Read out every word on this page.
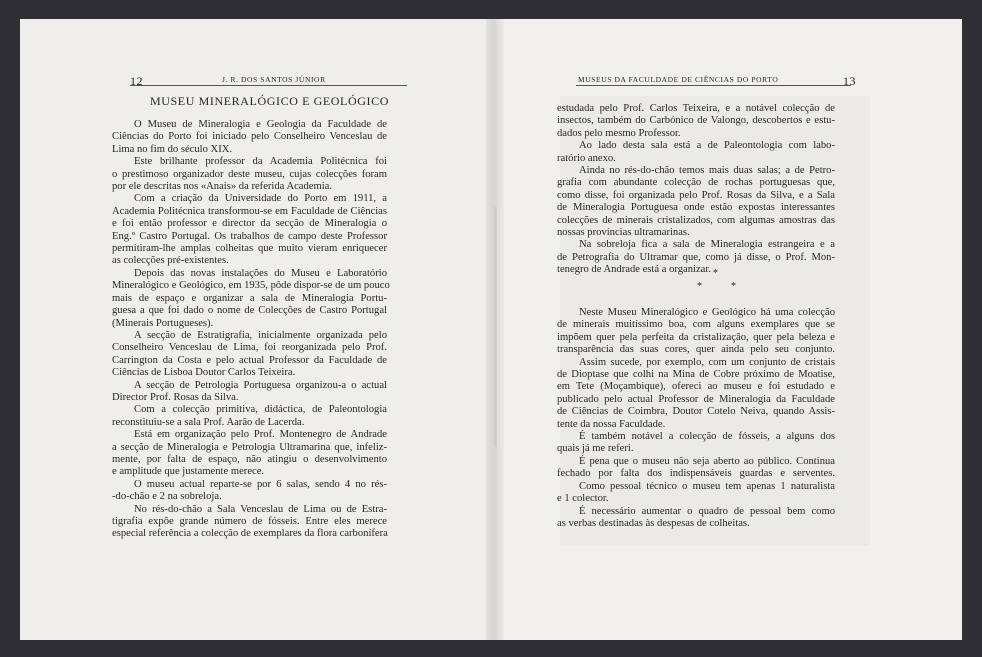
12	J. R. DOS SANTOS JÚNIOR
MUSEU MINERALÓGICO E GEOLÓGICO
O Museu de Mineralogia e Geologia da Faculdade de
Ciências do Porto foi iniciado pelo Conselheiro Venceslau de
Lima no fim do século XIX.
Este brilhante professor da Academia Politécnica foi
o prestimoso organizador deste museu, cujas colecções foram
por ele descritas nos «Anais» da referida Academia.
Com a criação da Universidade do Porto em 1911, a
Academia Politécnica transformou-se em Faculdade de Ciências
e foi então professor e director da secção de Mineralogia o
Eng.º Castro Portugal. Os trabalhos de campo deste Professor
permitiram-lhe amplas colheitas que muito vieram enriquecer
as colecções pré-existentes.
Depois das novas instalações do Museu e Laboratório
Mineralógico e Geológico, em 1935, pôde dispor-se de um pouco
mais de espaço e organizar a sala de Mineralogia Portu-
guesa a que foi dado o nome de Colecções de Castro Portugal
(Minerais Portugueses).
A secção de Estratigrafia, inicialmente organizada pelo
Conselheiro Venceslau de Lima, foi reorganizada pelo Prof.
Carrington da Costa e pelo actual Professor da Faculdade de
Ciências de Lisboa Doutor Carlos Teixeira.
A secção de Petrologia Portuguesa organizou-a o actual
Director Prof. Rosas da Silva.
Com a colecção primitiva, didáctica, de Paleontologia
reconstituiu-se a sala Prof. Aarão de Lacerda.
Está em organização pelo Prof. Montenegro de Andrade
a secção de Mineralogia e Petrologia Ultramarina que, infeliz-
mente, por falta de espaço, não atingiu o desenvolvimento
e amplitude que justamente merece.
O museu actual reparte-se por 6 salas, sendo 4 no rés-
-do-chão e 2 na sobreloja.
No rés-do-chão a Sala Venceslau de Lima ou de Estra-
tigrafia expõe grande número de fósseis. Entre eles merece
especial referência a colecção de exemplares da flora carbonífera
MUSEUS DA FACULDADE DE CIÊNCIAS DO PORTO	13
estudada pelo Prof. Carlos Teixeira, e a notável colecção de
insectos, também do Carbónico de Valongo, descobertos e estu-
dados pelo mesmo Professor.
Ao lado desta sala está a de Paleontologia com labo-
ratório anexo.
Ainda no rés-do-chão temos mais duas salas; a de Petro-
grafia com abundante colecção de rochas portuguesas que,
como disse, foi organizada pelo Prof. Rosas da Silva, e a Sala
de Mineralogia Portuguesa onde estão expostas interessantes
colecções de minerais cristalizados, com algumas amostras das
nossas províncias ultramarinas.
Na sobreloja fica a sala de Mineralogia estrangeira e a
de Petrografia do Ultramar que, como já disse, o Prof. Mon-
tenegro de Andrade está a organizar. *
*	*
Neste Museu Mineralógico e Geológico há uma colecção
de minerais muitíssimo boa, com alguns exemplares que se
impõem quer pela perfeita da cristalização, quer pela beleza e
transparência das suas cores, quer ainda pelo seu conjunto.
Assim sucede, por exemplo, com um conjunto de cristais
de Dioptase que colhi na Mina de Cobre próximo de Moatise,
em Tete (Moçambique), ofereci ao museu e foi estudado e
publicado pelo actual Professor de Mineralogia da Faculdade
de Ciências de Coimbra, Doutor Cotelo Neiva, quando Assis-
tente da nossa Faculdade.
É também notável a colecção de fósseis, a alguns dos
quais já me referi.
É pena que o museu não seja aberto ao público. Continua
fechado por falta dos indispensáveis guardas e serventes.
Como pessoal técnico o museu tem apenas 1 naturalista
e 1 colector.
É necessário aumentar o quadro de pessoal bem como
as verbas destinadas às despesas de colheitas.
